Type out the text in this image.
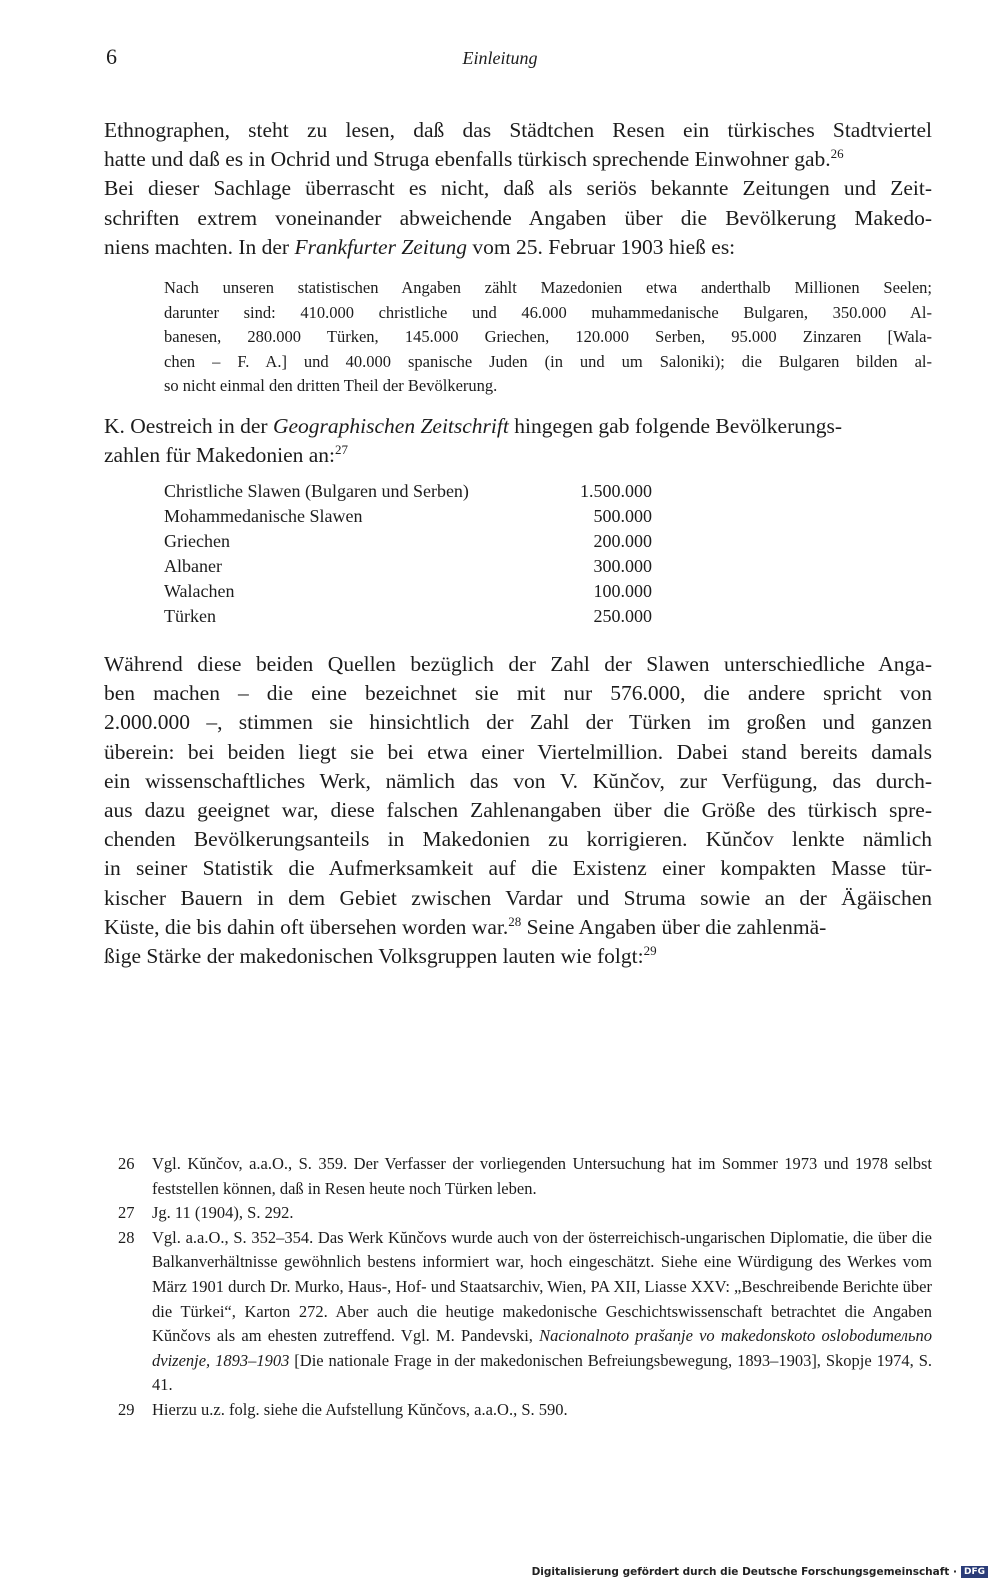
6	Einleitung
Ethnographen, steht zu lesen, daß das Städtchen Resen ein türkisches Stadtviertel
hatte und daß es in Ochrid und Struga ebenfalls türkisch sprechende Einwohner gab.$^{26}$
Bei dieser Sachlage überrascht es nicht, daß als seriös bekannte Zeitungen und Zeit-
schriften extrem voneinander abweichende Angaben über die Bevölkerung Makedo-
niens machten. In der Frankfurter Zeitung vom 25. Februar 1903 hieß es:
Nach unseren statistischen Angaben zählt Mazedonien etwa anderthalb Millionen Seelen;
darunter sind: 410.000 christliche und 46.000 muhammedanische Bulgaren, 350.000 Al-
banesen, 280.000 Türken, 145.000 Griechen, 120.000 Serben, 95.000 Zinzaren [Wala-
chen – F. A.] und 40.000 spanische Juden (in und um Saloniki); die Bulgaren bilden al-
so nicht einmal den dritten Theil der Bevölkerung.
K. Oestreich in der Geographischen Zeitschrift hingegen gab folgende Bevölkerungs-
zahlen für Makedonien an:$^{27}$
Christliche Slawen (Bulgaren und Serben)	1.500.000
Mohammedanische Slawen	500.000
Griechen	200.000
Albaner	300.000
Walachen	100.000
Türken	250.000
Während diese beiden Quellen bezüglich der Zahl der Slawen unterschiedliche Anga-
ben machen – die eine bezeichnet sie mit nur 576.000, die andere spricht von
2.000.000 –, stimmen sie hinsichtlich der Zahl der Türken im großen und ganzen
überein: bei beiden liegt sie bei etwa einer Viertelmillion. Dabei stand bereits damals
ein wissenschaftliches Werk, nämlich das von V. Kŭnčov, zur Verfügung, das durch-
aus dazu geeignet war, diese falschen Zahlenangaben über die Größe des türkisch spre-
chenden Bevölkerungsanteils in Makedonien zu korrigieren. Kŭnčov lenkte nämlich
in seiner Statistik die Aufmerksamkeit auf die Existenz einer kompakten Masse tür-
kischer Bauern in dem Gebiet zwischen Vardar und Struma sowie an der Ägäischen
Küste, die bis dahin oft übersehen worden war.$^{28}$ Seine Angaben über die zahlenmä-
ßige Stärke der makedonischen Volksgruppen lauten wie folgt:$^{29}$
26 Vgl. Kŭnčov, a.a.O., S. 359. Der Verfasser der vorliegenden Untersuchung hat im Sommer 1973 und 1978 selbst feststellen können, daß in Resen heute noch Türken leben.
27 Jg. 11 (1904), S. 292.
28 Vgl. a.a.O., S. 352–354. Das Werk Kŭnčovs wurde auch von der österreichisch-ungarischen Diplomatie, die über die Balkanverhältnisse gewöhnlich bestens informiert war, hoch eingeschätzt. Siehe eine Würdigung des Werkes vom März 1901 durch Dr. Murko, Haus-, Hof- und Staatsarchiv, Wien, PA XII, Liasse XXV: „Beschreibende Berichte über die Türkei“, Karton 272. Aber auch die heutige makedonische Geschichtswissenschaft betrachtet die Angaben Kŭnčovs als am ehesten zutreffend. Vgl. M. Pandevski, Nacionalnoto prašanje vo makedonskoto oslobodительno dvizenje, 1893–1903 [Die nationale Frage in der makedonischen Befreiungsbewegung, 1893–1903], Skopje 1974, S. 41.
29 Hierzu u.z. folg. siehe die Aufstellung Kŭnčovs, a.a.O., S. 590.
Digitalisierung gefördert durch die Deutsche Forschungsgemeinschaft · DFG
